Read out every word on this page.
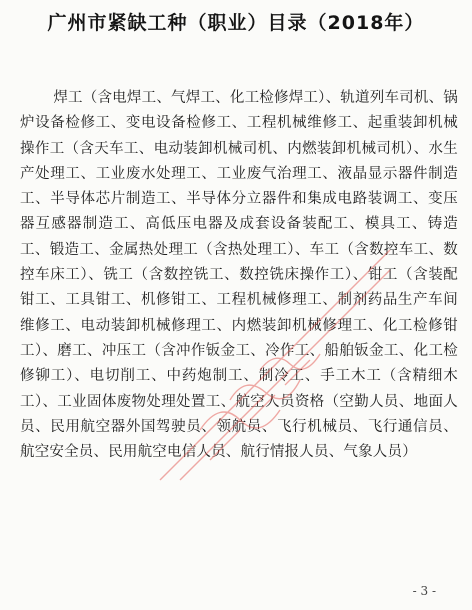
广州市紧缺工种（职业）目录（2018年）

焊工（含电焊工、气焊工、化工检修焊工）、轨道列车司机、锅炉设备检修工、变电设备检修工、工程机械维修工、起重装卸机械操作工（含天车工、电动装卸机械司机、内燃装卸机械司机）、水生产处理工、工业废水处理工、工业废气治理工、液晶显示器件制造工、半导体芯片制造工、半导体分立器件和集成电路装调工、变压器互感器制造工、高低压电器及成套设备装配工、模具工、铸造工、锻造工、金属热处理工（含热处理工）、车工（含数控车工、数控车床工）、铣工（含数控铣工、数控铣床操作工）、钳工（含装配钳工、工具钳工、机修钳工、工程机械修理工、制剂药品生产车间维修工、电动装卸机械修理工、内燃装卸机械修理工、化工检修钳工）、磨工、冲压工（含冲作钣金工、冷作工、船舶钣金工、化工检修铆工）、电切削工、中药炮制工、制冷工、手工木工（含精细木工）、工业固体废物处理处置工、航空人员资格（空勤人员、地面人员、民用航空器外国驾驶员、领航员、飞行机械员、飞行通信员、航空安全员、民用航空电信人员、航行情报人员、气象人员）

- 3 -
